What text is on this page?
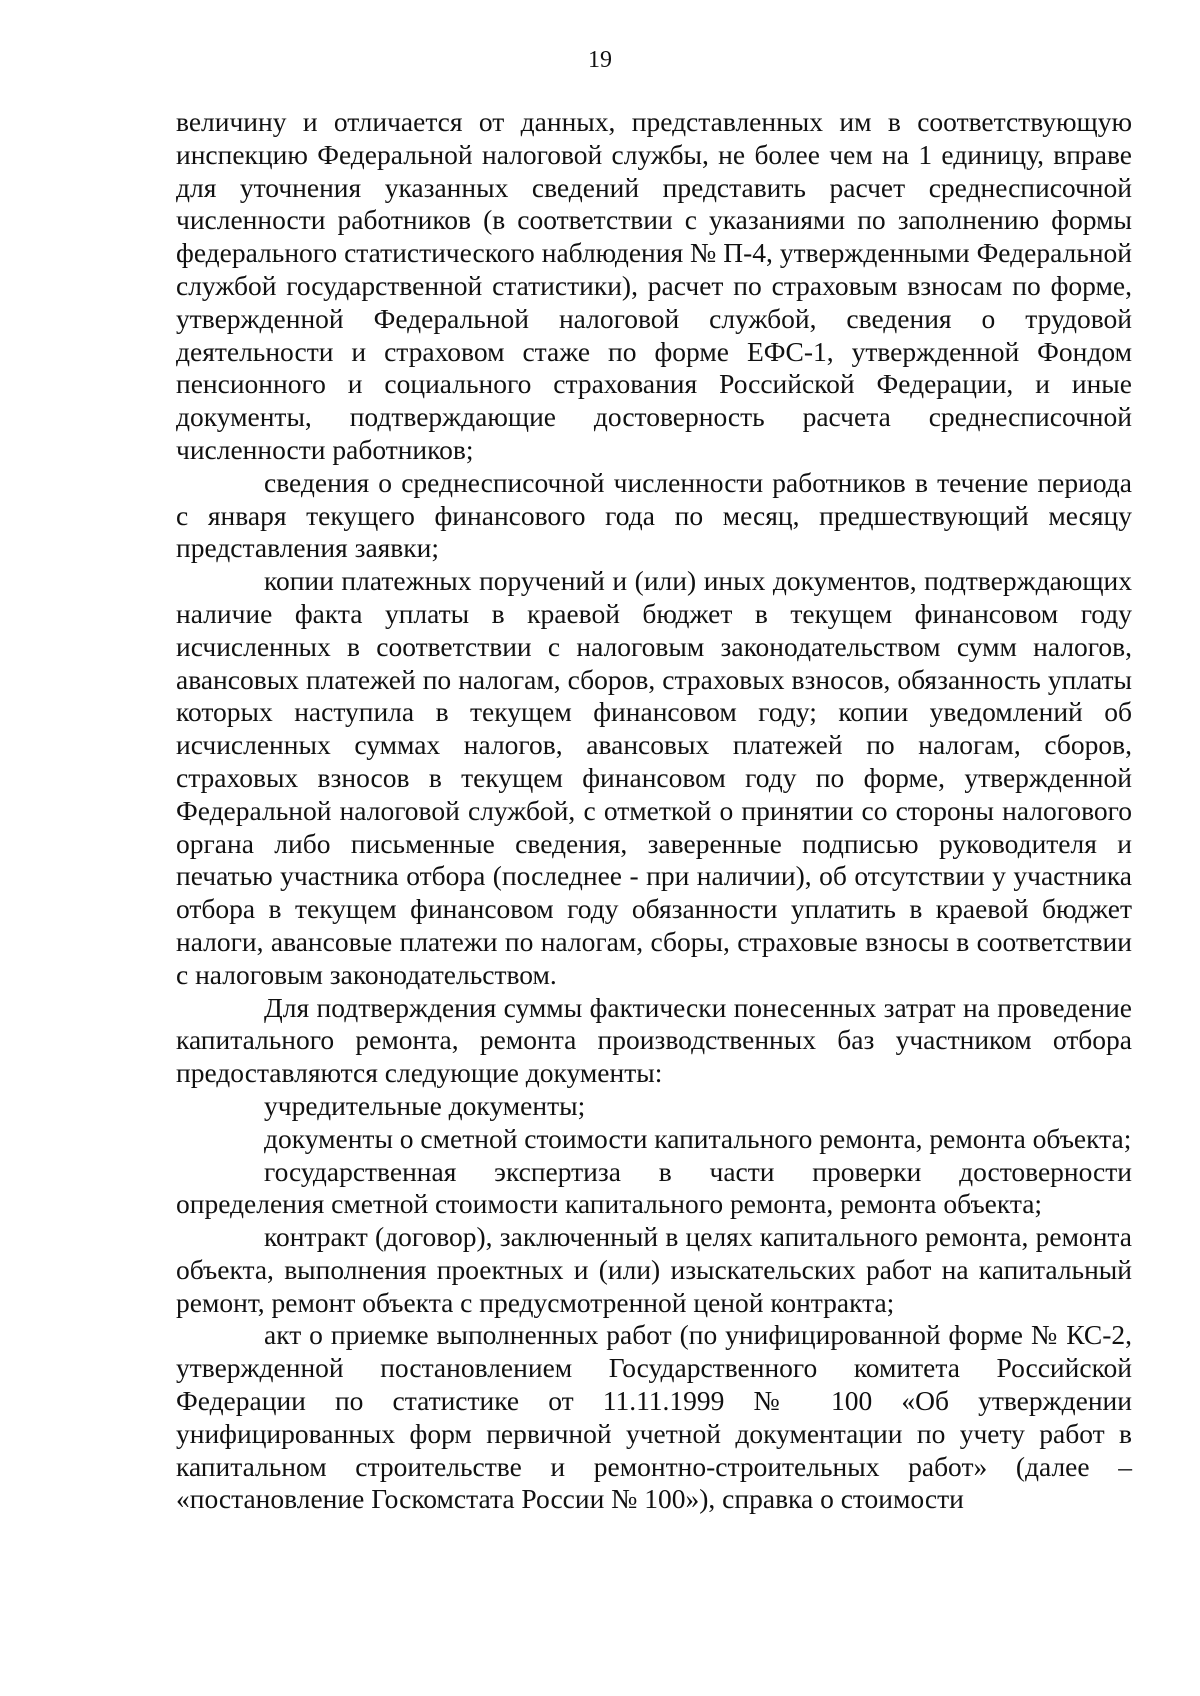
19

величину и отличается от данных, представленных им в соответствующую инспекцию Федеральной налоговой службы, не более чем на 1 единицу, вправе для уточнения указанных сведений представить расчет среднесписочной численности работников (в соответствии с указаниями по заполнению формы федерального статистического наблюдения № П-4, утвержденными Федеральной службой государственной статистики), расчет по страховым взносам по форме, утвержденной Федеральной налоговой службой, сведения о трудовой деятельности и страховом стаже по форме ЕФС-1, утвержденной Фондом пенсионного и социального страхования Российской Федерации, и иные документы, подтверждающие достоверность расчета среднесписочной численности работников;

сведения о среднесписочной численности работников в течение периода с января текущего финансового года по месяц, предшествующий месяцу представления заявки;

копии платежных поручений и (или) иных документов, подтверждающих наличие факта уплаты в краевой бюджет в текущем финансовом году исчисленных в соответствии с налоговым законодательством сумм налогов, авансовых платежей по налогам, сборов, страховых взносов, обязанность уплаты которых наступила в текущем финансовом году; копии уведомлений об исчисленных суммах налогов, авансовых платежей по налогам, сборов, страховых взносов в текущем финансовом году по форме, утвержденной Федеральной налоговой службой, с отметкой о принятии со стороны налогового органа либо письменные сведения, заверенные подписью руководителя и печатью участника отбора (последнее - при наличии), об отсутствии у участника отбора в текущем финансовом году обязанности уплатить в краевой бюджет налоги, авансовые платежи по налогам, сборы, страховые взносы в соответствии с налоговым законодательством.

Для подтверждения суммы фактически понесенных затрат на проведение капитального ремонта, ремонта производственных баз участником отбора предоставляются следующие документы:

учредительные документы;

документы о сметной стоимости капитального ремонта, ремонта объекта;

государственная экспертиза в части проверки достоверности определения сметной стоимости капитального ремонта, ремонта объекта;

контракт (договор), заключенный в целях капитального ремонта, ремонта объекта, выполнения проектных и (или) изыскательских работ на капитальный ремонт, ремонт объекта с предусмотренной ценой контракта;

акт о приемке выполненных работ (по унифицированной форме № КС-2, утвержденной постановлением Государственного комитета Российской Федерации по статистике от 11.11.1999 № 100 «Об утверждении унифицированных форм первичной учетной документации по учету работ в капитальном строительстве и ремонтно-строительных работ» (далее – «постановление Госкомстата России № 100»), справка о стоимости
